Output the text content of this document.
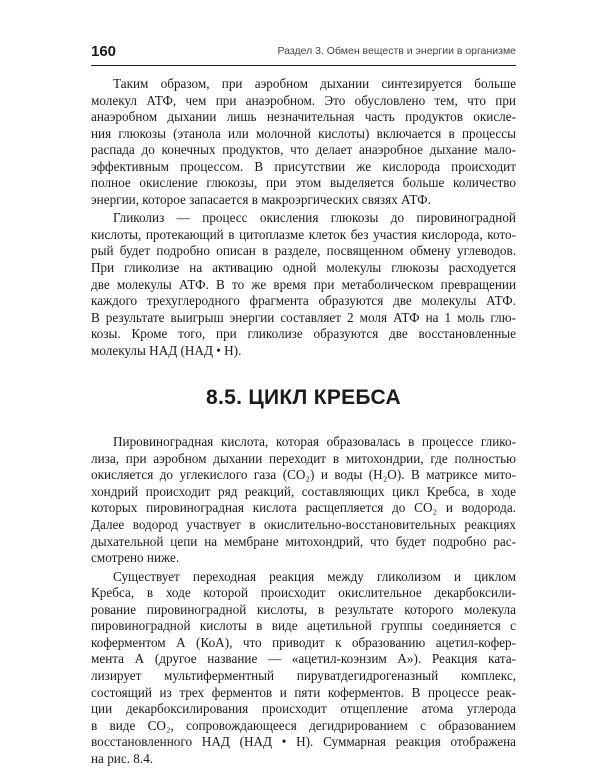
160	Раздел 3. Обмен веществ и энергии в организме
Таким образом, при аэробном дыхании синтезируется больше
молекул АТФ, чем при анаэробном. Это обусловлено тем, что при
анаэробном дыхании лишь незначительная часть продуктов окисле-
ния глюкозы (этанола или молочной кислоты) включается в процессы
распада до конечных продуктов, что делает анаэробное дыхание мало-
эффективным процессом. В присутствии же кислорода происходит
полное окисление глюкозы, при этом выделяется больше количество
энергии, которое запасается в макроэргических связях АТФ.
Гликолиз — процесс окисления глюкозы до пировиноградной
кислоты, протекающий в цитоплазме клеток без участия кислорода, кото-
рый будет подробно описан в разделе, посвященном обмену углеводов.
При гликолизе на активацию одной молекулы глюкозы расходуется
две молекулы АТФ. В то же время при метаболическом превращении
каждого трехуглеродного фрагмента образуются две молекулы АТФ.
В результате выигрыш энергии составляет 2 моля АТФ на 1 моль глю-
козы. Кроме того, при гликолизе образуются две восстановленные
молекулы НАД (НАД • Н).
8.5. ЦИКЛ КРЕБСА
Пировиноградная кислота, которая образовалась в процессе глико-
лиза, при аэробном дыхании переходит в митохондрии, где полностью
окисляется до углекислого газа (CO₂) и воды (H₂O). В матриксе мито-
хондрий происходит ряд реакций, составляющих цикл Кребса, в ходе
которых пировиноградная кислота расщепляется до CO₂ и водорода.
Далее водород участвует в окислительно-восстановительных реакциях
дыхательной цепи на мембране митохондрий, что будет подробно рас-
смотрено ниже.
Существует переходная реакция между гликолизом и циклом
Кребса, в ходе которой происходит окислительное декарбоксили-
рование пировиноградной кислоты, в результате которого молекула
пировиноградной кислоты в виде ацетильной группы соединяется с
коферментом А (КоА), что приводит к образованию ацетил-кофер-
мента А (другое название — «ацетил-коэнзим А»). Реакция ката-
лизирует мультиферментный пируватдегидрогеназный комплекс,
состоящий из трех ферментов и пяти коферментов. В процессе реак-
ции декарбоксилирования происходит отщепление атома углерода
в виде CO₂, сопровождающееся дегидрированием с образованием
восстановленного НАД (НАД • Н). Суммарная реакция отображена
на рис. 8.4.
